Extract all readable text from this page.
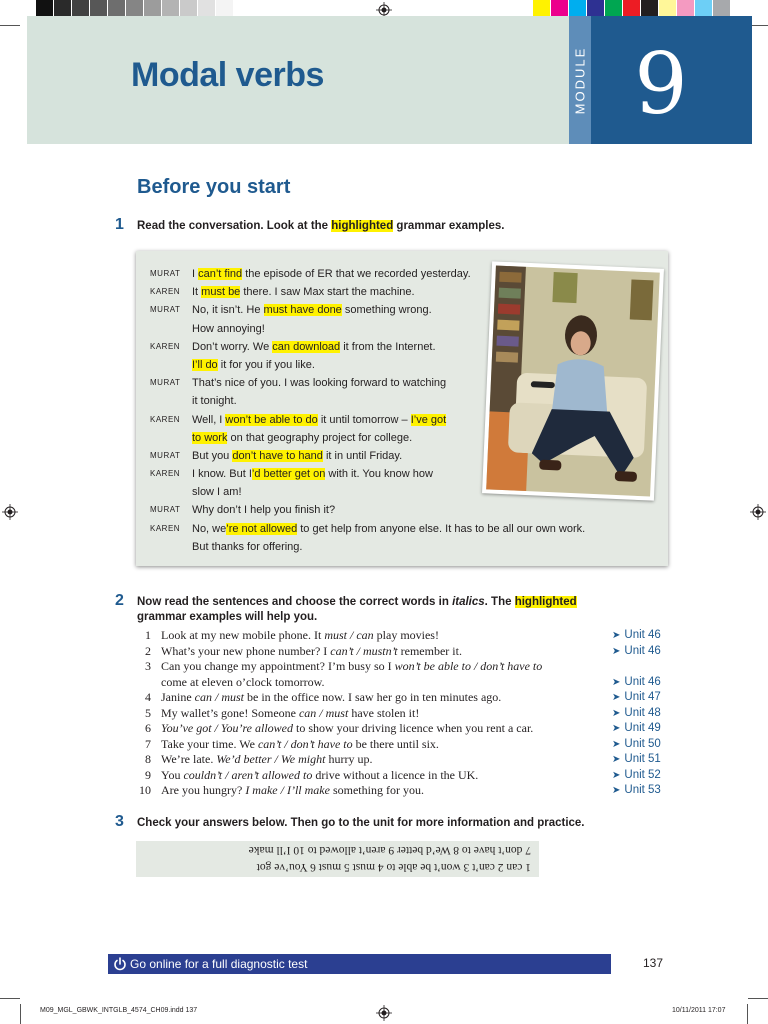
Modal verbs	MODULE 9
Before you start
1 Read the conversation. Look at the highlighted grammar examples.
MURAT	I can’t find the episode of ER that we recorded yesterday.
KAREN	It must be there. I saw Max start the machine.
MURAT	No, it isn’t. He must have done something wrong.
How annoying!
KAREN	Don’t worry. We can download it from the Internet.
I’ll do it for you if you like.
MURAT	That’s nice of you. I was looking forward to watching
it tonight.
KAREN	Well, I won’t be able to do it until tomorrow – I’ve got
to work on that geography project for college.
MURAT	But you don’t have to hand it in until Friday.
KAREN	I know. But I’d better get on with it. You know how
slow I am!
MURAT	Why don’t I help you finish it?
KAREN	No, we’re not allowed to get help from anyone else. It has to be all our own work.
But thanks for offering.
2 Now read the sentences and choose the correct words in italics. The highlighted
grammar examples will help you.
1 Look at my new mobile phone. It must / can play movies!	➤ Unit 46
2 What’s your new phone number? I can’t / mustn’t remember it.	➤ Unit 46
3 Can you change my appointment? I’m busy so I won’t be able to / don’t have to
come at eleven o’clock tomorrow.	➤ Unit 46
4 Janine can / must be in the office now. I saw her go in ten minutes ago.	➤ Unit 47
5 My wallet’s gone! Someone can / must have stolen it!	➤ Unit 48
6 You’ve got / You’re allowed to show your driving licence when you rent a car.	➤ Unit 49
7 Take your time. We can’t / don’t have to be there until six.	➤ Unit 50
8 We’re late. We’d better / We might hurry up.	➤ Unit 51
9 You couldn’t / aren’t allowed to drive without a licence in the UK.	➤ Unit 52
10 Are you hungry? I make / I’ll make something for you.	➤ Unit 53
3 Check your answers below. Then go to the unit for more information and practice.
1 can 2 can’t 3 won’t be able to 4 must 5 must 6 You’ve got
7 don’t have to 8 We’d better 9 aren’t allowed to 10 I’ll make
Go online for a full diagnostic test	137
M09_MGL_GBWK_INTGLB_4574_CH09.indd 137	10/11/2011 17:07
